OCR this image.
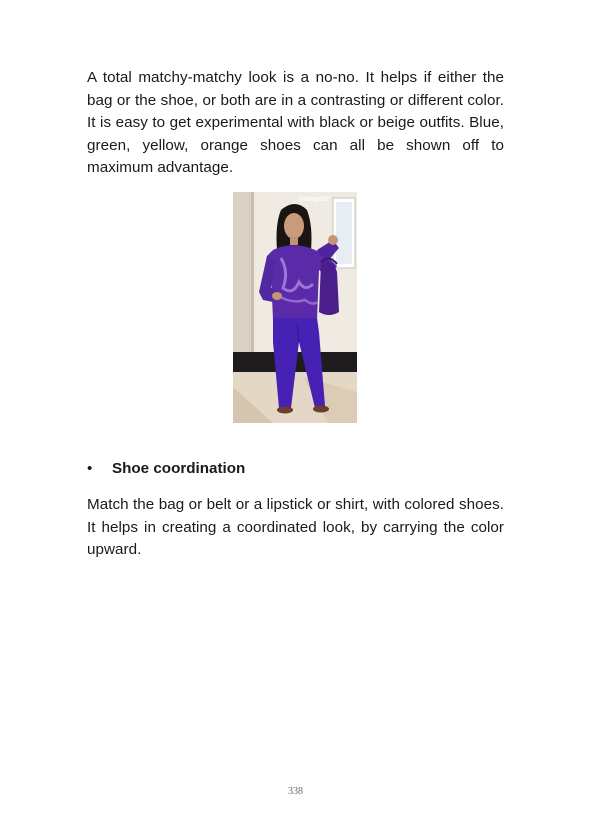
A total matchy-matchy look is a no-no. It helps if either the bag or the shoe, or both are in a contrasting or different color. It is easy to get experimental with black or beige outfits. Blue, green, yellow, orange shoes can all be shown off to maximum advantage.

indiaglitz
•	Shoe coordination

Match the bag or belt or a lipstick or shirt, with colored shoes. It helps in creating a coordinated look, by carrying the color upward.

338
